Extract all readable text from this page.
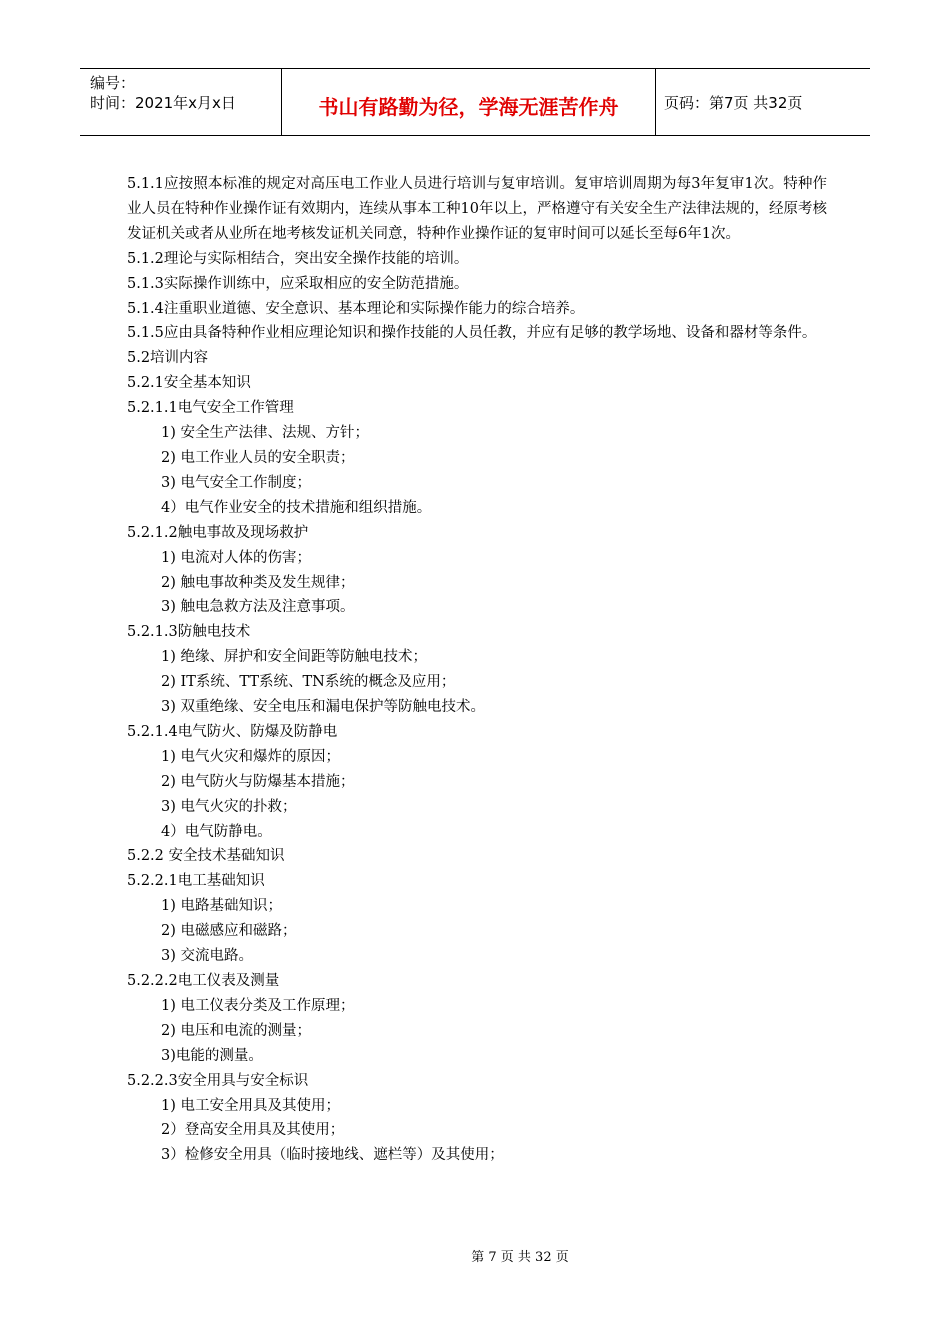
编号：
时间：2021年x月x日	书山有路勤为径，学海无涯苦作舟	页码：第7页 共32页
5.1.1应按照本标准的规定对高压电工作业人员进行培训与复审培训。复审培训周期为每3年复审1次。特种作业人员在特种作业操作证有效期内，连续从事本工种10年以上，严格遵守有关安全生产法律法规的，经原考核发证机关或者从业所在地考核发证机关同意，特种作业操作证的复审时间可以延长至每6年1次。
5.1.2理论与实际相结合，突出安全操作技能的培训。
5.1.3实际操作训练中，应采取相应的安全防范措施。
5.1.4注重职业道德、安全意识、基本理论和实际操作能力的综合培养。
5.1.5应由具备特种作业相应理论知识和操作技能的人员任教，并应有足够的教学场地、设备和器材等条件。
5.2培训内容
5.2.1安全基本知识
5.2.1.1电气安全工作管理
1) 安全生产法律、法规、方针；
2) 电工作业人员的安全职责；
3) 电气安全工作制度；
4）电气作业安全的技术措施和组织措施。
5.2.1.2触电事故及现场救护
1) 电流对人体的伤害；
2) 触电事故种类及发生规律；
3) 触电急救方法及注意事项。
5.2.1.3防触电技术
1) 绝缘、屏护和安全间距等防触电技术；
2) IT系统、TT系统、TN系统的概念及应用；
3) 双重绝缘、安全电压和漏电保护等防触电技术。
5.2.1.4电气防火、防爆及防静电
1) 电气火灾和爆炸的原因；
2) 电气防火与防爆基本措施；
3) 电气火灾的扑救；
4）电气防静电。
5.2.2 安全技术基础知识
5.2.2.1电工基础知识
1) 电路基础知识；
2) 电磁感应和磁路；
3) 交流电路。
5.2.2.2电工仪表及测量
1) 电工仪表分类及工作原理；
2) 电压和电流的测量；
3)电能的测量。
5.2.2.3安全用具与安全标识
1) 电工安全用具及其使用；
2）登高安全用具及其使用；
3）检修安全用具（临时接地线、遮栏等）及其使用；
第 7 页 共 32 页
